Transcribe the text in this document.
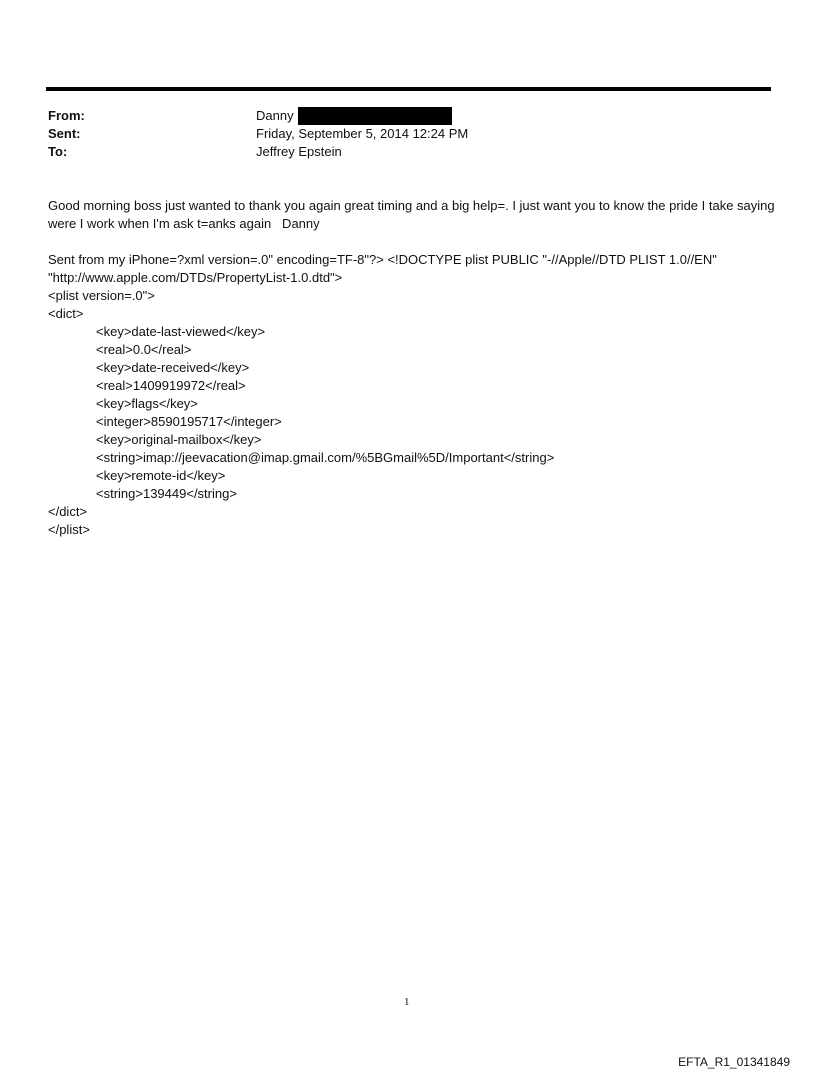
From:	Danny
Sent:	Friday, September 5, 2014 12:24 PM
To:	Jeffrey Epstein
Good morning boss just wanted to thank you again great timing and a big help=. I just want you to know the pride I take saying were I work when I'm ask t=anks again   Danny
Sent from my iPhone=?xml version=.0" encoding=TF-8"?> <!DOCTYPE plist PUBLIC "-//Apple//DTD PLIST 1.0//EN"
"http://www.apple.com/DTDs/PropertyList-1.0.dtd">
<plist version=.0">
<dict>
<key>date-last-viewed</key>
<real>0.0</real>
<key>date-received</key>
<real>1409919972</real>
<key>flags</key>
<integer>8590195717</integer>
<key>original-mailbox</key>
<string>imap://jeevacation@imap.gmail.com/%5BGmail%5D/Important</string>
<key>remote-id</key>
<string>139449</string>
</dict>
</plist>
1
EFTA_R1_01341849
